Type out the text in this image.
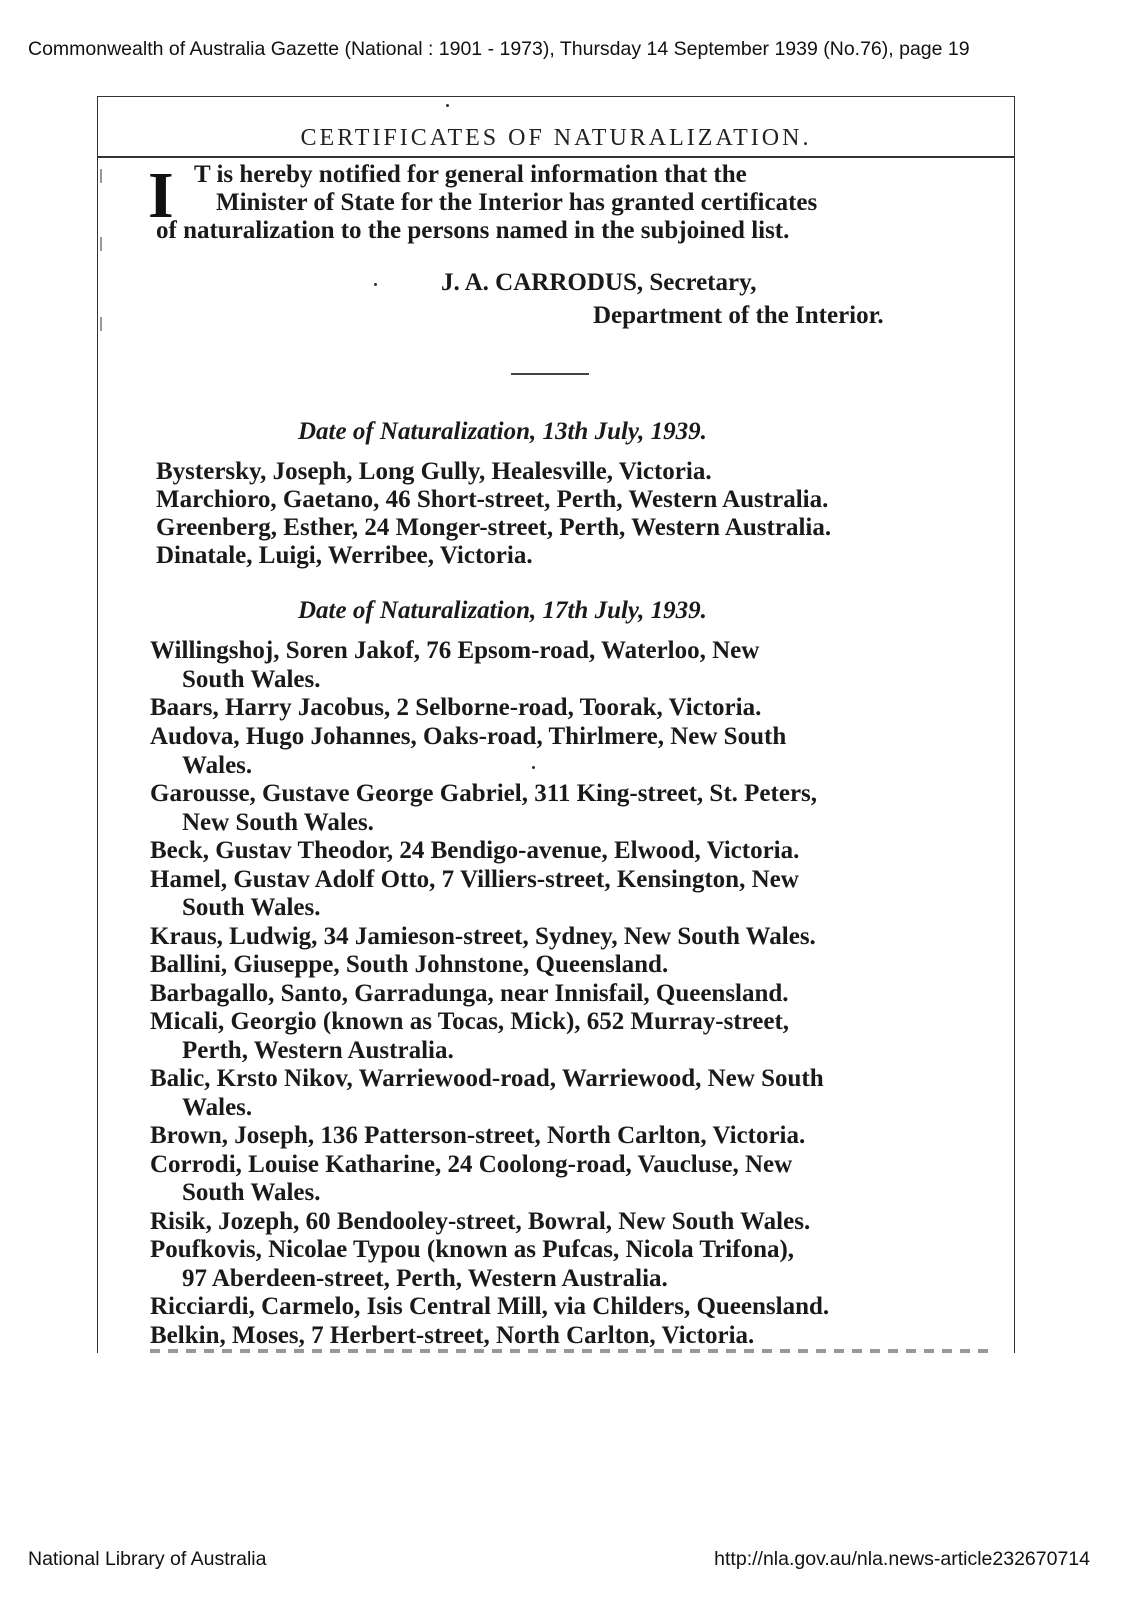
Commonwealth of Australia Gazette (National : 1901 - 1973), Thursday 14 September 1939 (No.76), page 19
CERTIFICATES OF NATURALIZATION.
I T is hereby notified for general information that the
Minister of State for the Interior has granted certificates
of naturalization to the persons named in the subjoined list.
J. A. CARRODUS, Secretary,
Department of the Interior.
Date of Naturalization, 13th July, 1939.
Bystersky, Joseph, Long Gully, Healesville, Victoria.
Marchioro, Gaetano, 46 Short-street, Perth, Western Australia.
Greenberg, Esther, 24 Monger-street, Perth, Western Australia.
Dinatale, Luigi, Werribee, Victoria.
Date of Naturalization, 17th July, 1939.
Willingshoj, Soren Jakof, 76 Epsom-road, Waterloo, New
South Wales.
Baars, Harry Jacobus, 2 Selborne-road, Toorak, Victoria.
Audova, Hugo Johannes, Oaks-road, Thirlmere, New South
Wales.
Garousse, Gustave George Gabriel, 311 King-street, St. Peters,
New South Wales.
Beck, Gustav Theodor, 24 Bendigo-avenue, Elwood, Victoria.
Hamel, Gustav Adolf Otto, 7 Villiers-street, Kensington, New
South Wales.
Kraus, Ludwig, 34 Jamieson-street, Sydney, New South Wales.
Ballini, Giuseppe, South Johnstone, Queensland.
Barbagallo, Santo, Garradunga, near Innisfail, Queensland.
Micali, Georgio (known as Tocas, Mick), 652 Murray-street,
Perth, Western Australia.
Balic, Krsto Nikov, Warriewood-road, Warriewood, New South
Wales.
Brown, Joseph, 136 Patterson-street, North Carlton, Victoria.
Corrodi, Louise Katharine, 24 Coolong-road, Vaucluse, New
South Wales.
Risik, Jozeph, 60 Bendooley-street, Bowral, New South Wales.
Poufkovis, Nicolae Typou (known as Pufcas, Nicola Trifona),
97 Aberdeen-street, Perth, Western Australia.
Ricciardi, Carmelo, Isis Central Mill, via Childers, Queensland.
Belkin, Moses, 7 Herbert-street, North Carlton, Victoria.
National Library of Australia	http://nla.gov.au/nla.news-article232670714
